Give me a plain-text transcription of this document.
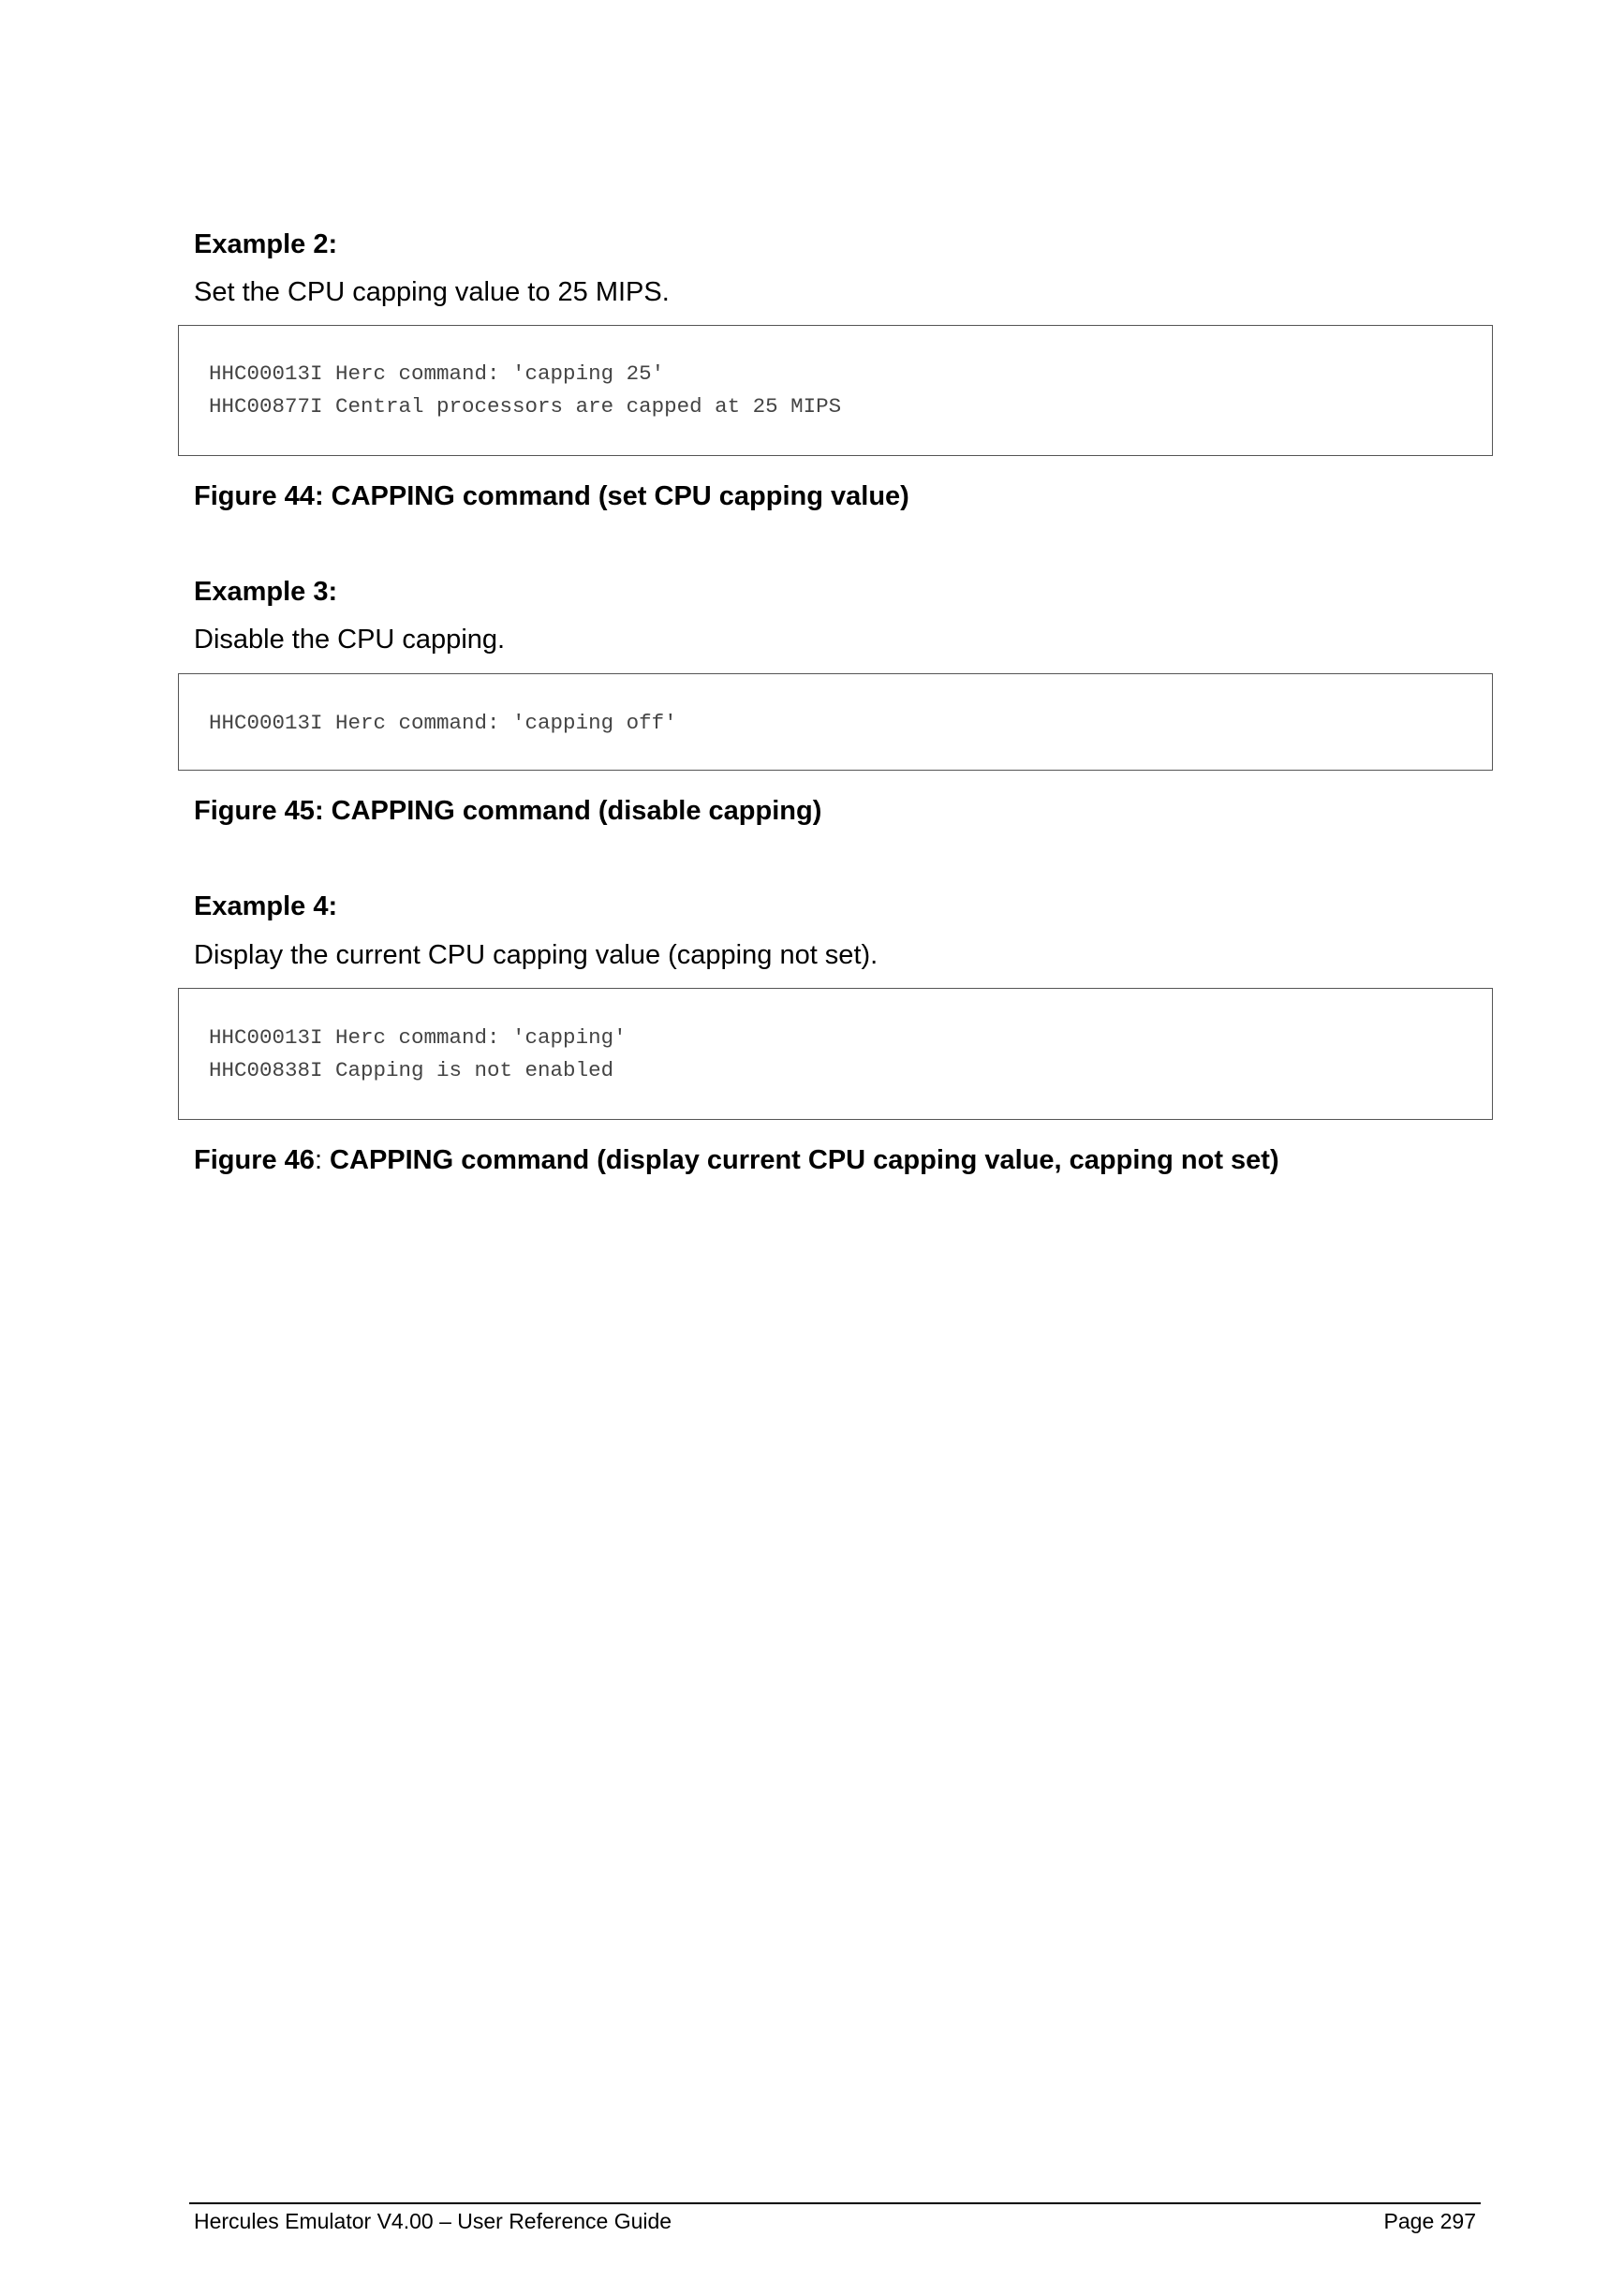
Example 2:
Set the CPU capping value to 25 MIPS.
HHC00013I Herc command: 'capping 25'
HHC00877I Central processors are capped at 25 MIPS
Figure 44: CAPPING command (set CPU capping value)
Example 3:
Disable the CPU capping.
HHC00013I Herc command: 'capping off'
Figure 45: CAPPING command (disable capping)
Example 4:
Display the current CPU capping value (capping not set).
HHC00013I Herc command: 'capping'
HHC00838I Capping is not enabled
Figure 46: CAPPING command (display current CPU capping value, capping not set)
Hercules Emulator V4.00 – User Reference Guide	Page 297
